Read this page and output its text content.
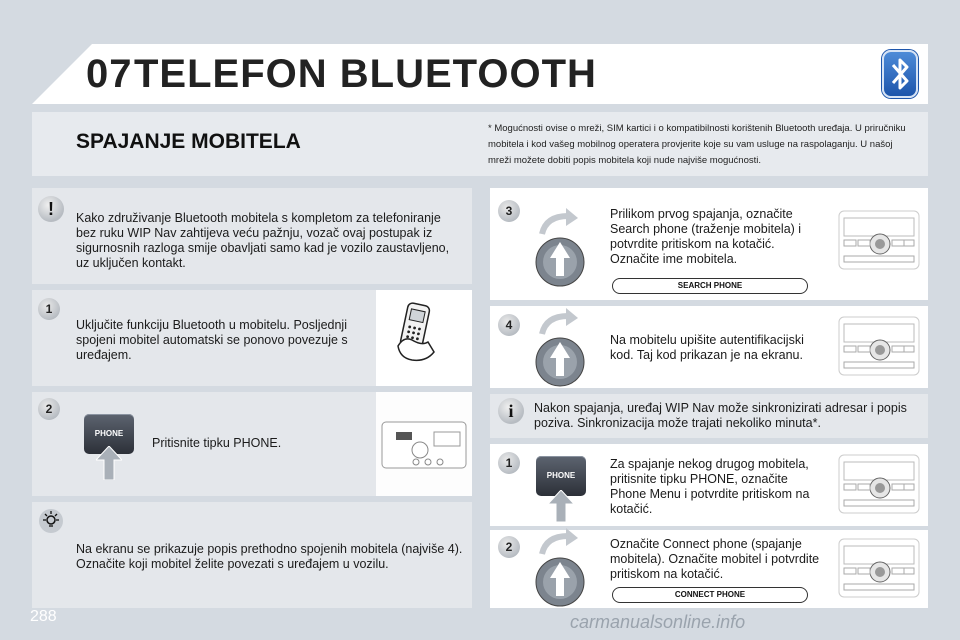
07 TELEFON BLUETOOTH
SPAJANJE MOBITELA
* Mogućnosti ovise o mreži, SIM kartici i o kompatibilnosti korištenih Bluetooth uređaja. U priručniku mobitela i kod vašeg mobilnog operatera provjerite koje su vam usluge na raspolaganju. U našoj mreži možete dobiti popis mobitela koji nude najviše mogućnosti.
!	Kako združivanje Bluetooth mobitela s kompletom za telefoniranje bez ruku WIP Nav zahtijeva veću pažnju, vozač ovaj postupak iz sigurnosnih razloga smije obavljati samo kad je vozilo zaustavljeno, uz uključen kontakt.
1
Uključite funkciju Bluetooth u mobitelu. Posljednji spojeni mobitel automatski se ponovo povezuje s uređajem.
2
PHONE
Pritisnite tipku PHONE.
Na ekranu se prikazuje popis prethodno spojenih mobitela (najviše 4). Označite koji mobitel želite povezati s uređajem u vozilu.
3	Prilikom prvog spajanja, označite Search phone (traženje mobitela) i potvrdite pritiskom na kotačić. Označite ime mobitela.
SEARCH PHONE
4
Na mobitelu upišite autentifikacijski kod. Taj kod prikazan je na ekranu.
i	Nakon spajanja, uređaj WIP Nav može sinkronizirati adresar i popis poziva. Sinkronizacija može trajati nekoliko minuta*.
1
PHONE
Za spajanje nekog drugog mobitela, pritisnite tipku PHONE, označite Phone Menu i potvrdite pritiskom na kotačić.
2	Označite Connect phone (spajanje mobitela). Označite mobitel i potvrdite pritiskom na kotačić.
CONNECT PHONE
288	carmanualsonline.info
